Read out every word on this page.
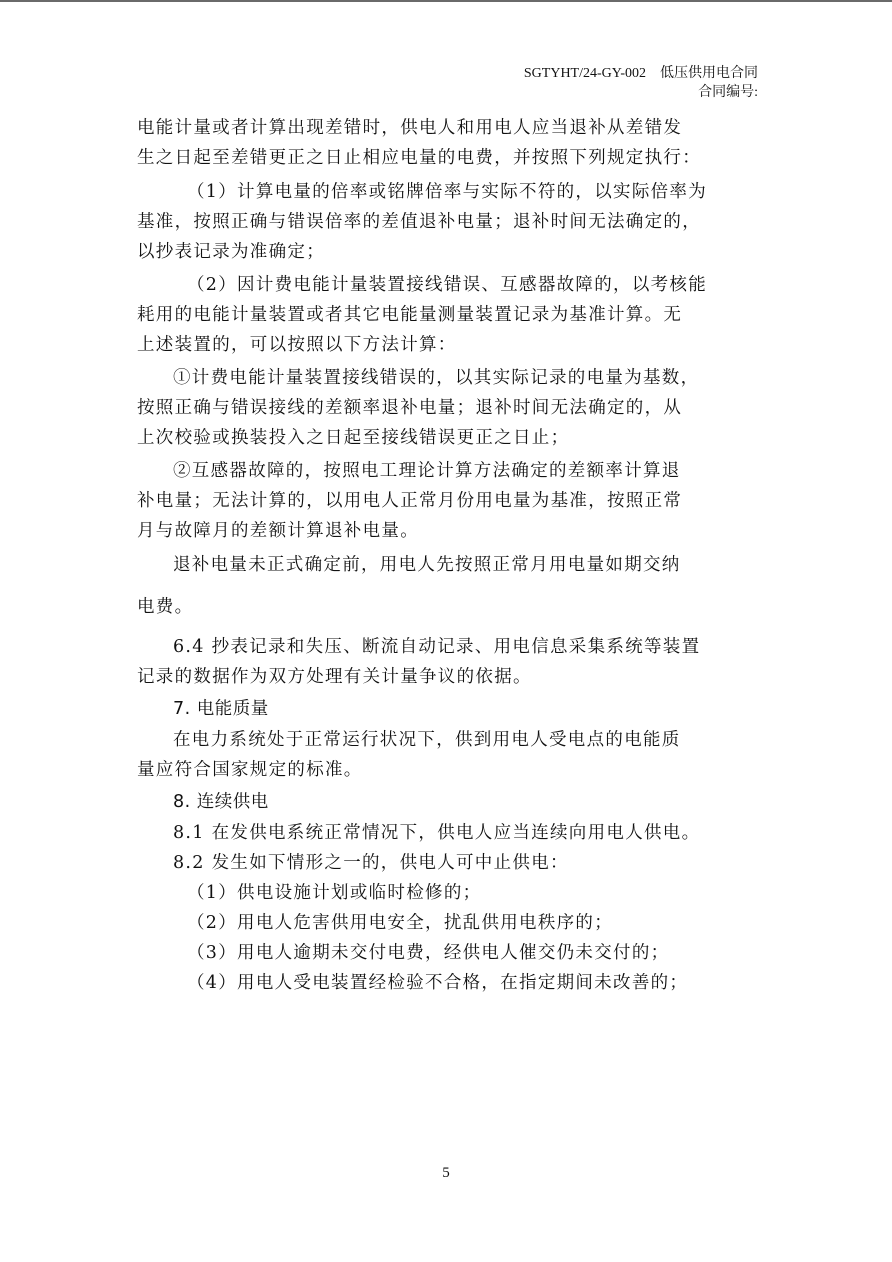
SGTYHT/24-GY-002 低压供用电合同
合同编号:

电能计量或者计算出现差错时，供电人和用电人应当退补从差错发

生之日起至差错更正之日止相应电量的电费，并按照下列规定执行：

（1）计算电量的倍率或铭牌倍率与实际不符的，以实际倍率为

基准，按照正确与错误倍率的差值退补电量；退补时间无法确定的，

以抄表记录为准确定；

（2）因计费电能计量装置接线错误、互感器故障的，以考核能

耗用的电能计量装置或者其它电能量测量装置记录为基准计算。无

上述装置的，可以按照以下方法计算：

①计费电能计量装置接线错误的，以其实际记录的电量为基数，

按照正确与错误接线的差额率退补电量；退补时间无法确定的，从

上次校验或换装投入之日起至接线错误更正之日止；

②互感器故障的，按照电工理论计算方法确定的差额率计算退

补电量；无法计算的，以用电人正常月份用电量为基准，按照正常

月与故障月的差额计算退补电量。

退补电量未正式确定前，用电人先按照正常月用电量如期交纳

电费。

6.4 抄表记录和失压、断流自动记录、用电信息采集系统等装置

记录的数据作为双方处理有关计量争议的依据。

7. 电能质量

在电力系统处于正常运行状况下，供到用电人受电点的电能质

量应符合国家规定的标准。

8. 连续供电

8.1 在发供电系统正常情况下，供电人应当连续向用电人供电。

8.2 发生如下情形之一的，供电人可中止供电：

（1）供电设施计划或临时检修的；

（2）用电人危害供用电安全，扰乱供用电秩序的；

（3）用电人逾期未交付电费，经供电人催交仍未交付的；

（4）用电人受电装置经检验不合格，在指定期间未改善的；

5
